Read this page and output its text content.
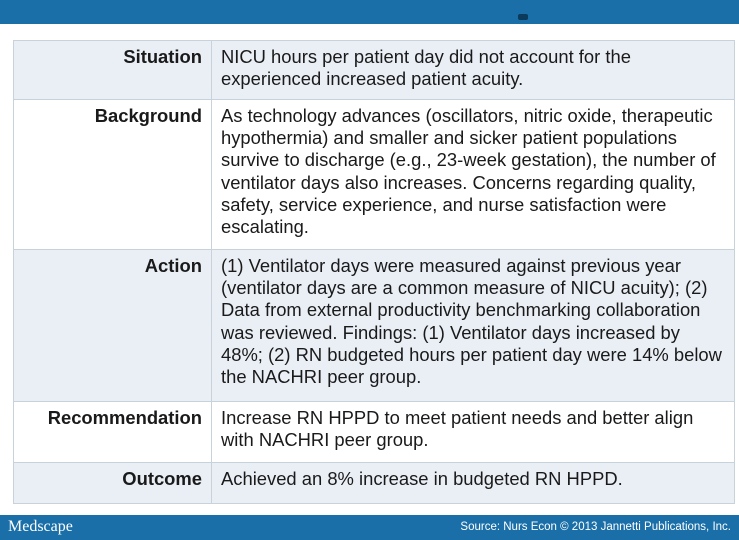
Situation	NICU hours per patient day did not account for the experienced increased patient acuity.
Background	As technology advances (oscillators, nitric oxide, therapeutic hypothermia) and smaller and sicker patient populations survive to discharge (e.g., 23-week gestation), the number of ventilator days also increases. Concerns regarding quality, safety, service experience, and nurse satisfaction were escalating.
Action	(1) Ventilator days were measured against previous year (ventilator days are a common measure of NICU acuity); (2) Data from external productivity benchmarking collaboration was reviewed. Findings: (1) Ventilator days increased by 48%; (2) RN budgeted hours per patient day were 14% below the NACHRI peer group.
Recommendation	Increase RN HPPD to meet patient needs and better align with NACHRI peer group.
Outcome	Achieved an 8% increase in budgeted RN HPPD.
Medscape	Source: Nurs Econ © 2013 Jannetti Publications, Inc.
